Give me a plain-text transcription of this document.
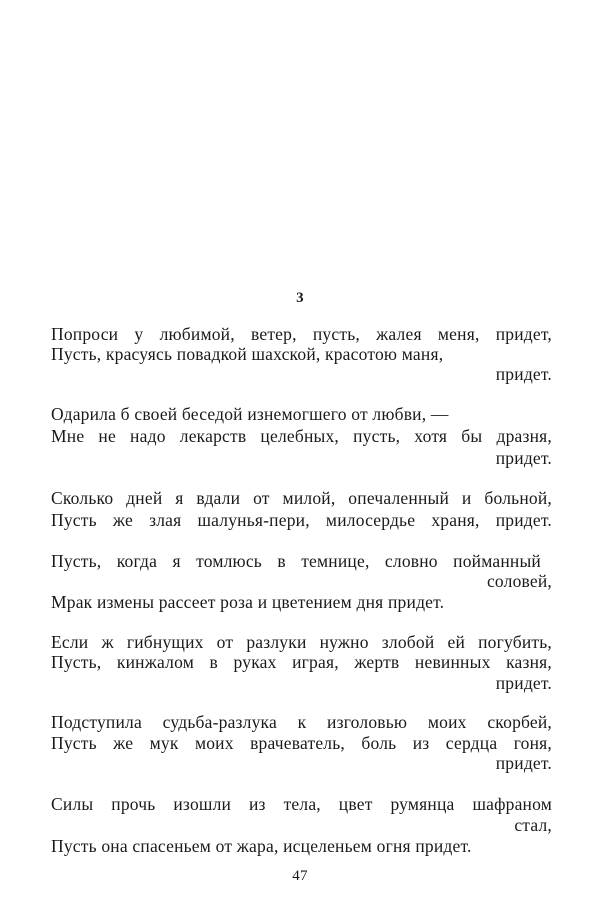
3
Попроси у любимой, ветер, пусть, жалея меня, придет,
Пусть, красуясь повадкой шахской, красотою маня,
придет.
Одарила б своей беседой изнемогшего от любви, —
Мне не надо лекарств целебных, пусть, хотя бы дразня,
придет.
Сколько дней я вдали от милой, опечаленный и больной,
Пусть же злая шалунья-пери, милосердье храня, придет.
Пусть, когда я томлюсь в темнице, словно пойманный
соловей,
Мрак измены рассеет роза и цветением дня придет.
Если ж гибнущих от разлуки нужно злобой ей погубить,
Пусть, кинжалом в руках играя, жертв невинных казня,
придет.
Подступила судьба-разлука к изголовью моих скорбей,
Пусть же мук моих врачеватель, боль из сердца гоня,
придет.
Силы прочь изошли из тела, цвет румянца шафраном
стал,
Пусть она спасеньем от жара, исцеленьем огня придет.
47
